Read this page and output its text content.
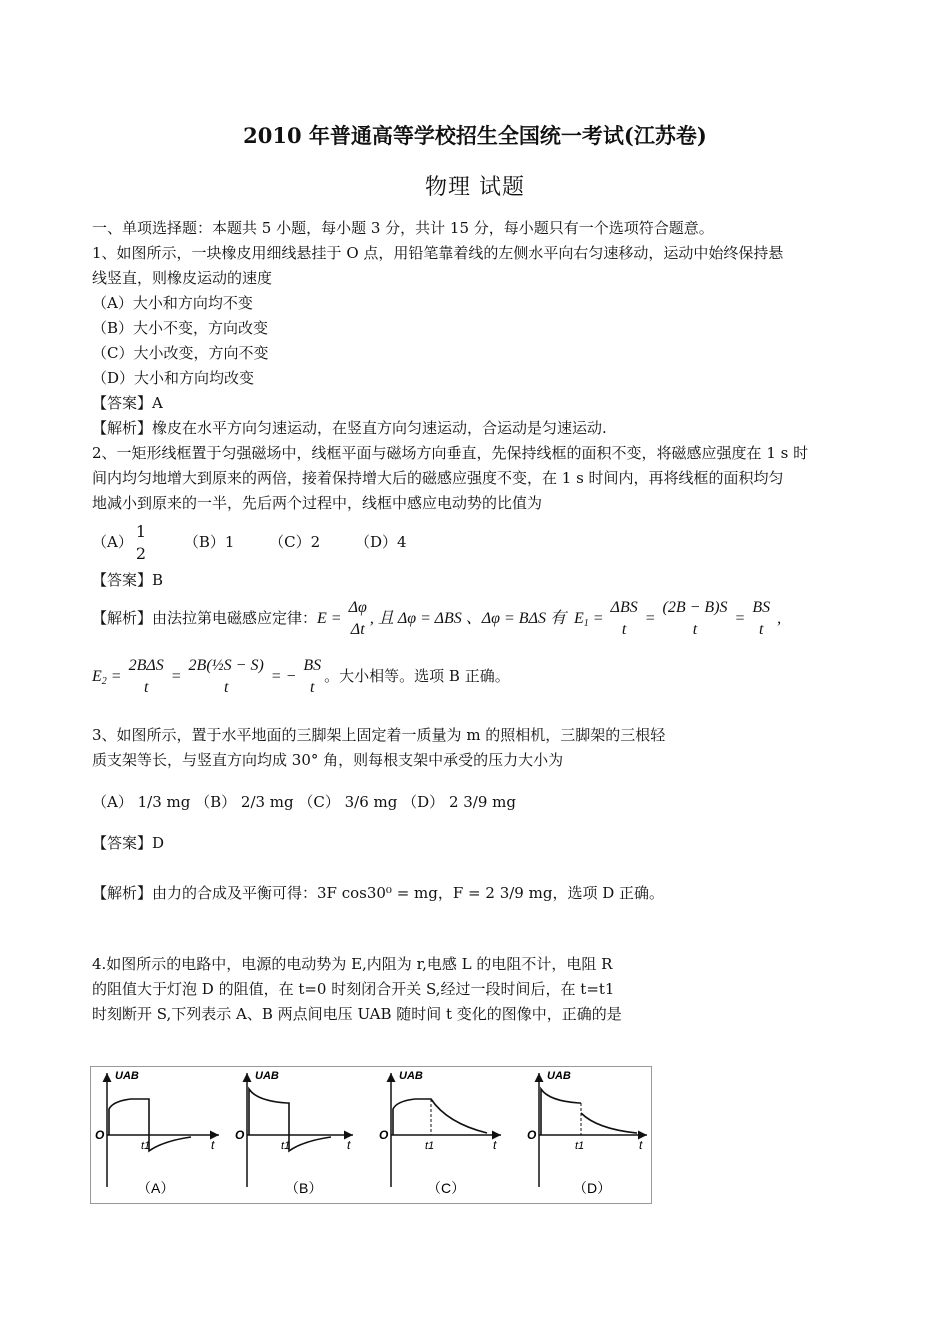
2010 年普通高等学校招生全国统一考试(江苏卷)
物理 试题
一、单项选择题：本题共 5 小题，每小题 3 分，共计 15 分，每小题只有一个选项符合题意。
1、如图所示，一块橡皮用细线悬挂于 O 点，用铅笔靠着线的左侧水平向右匀速移动，运动中始终保持悬
线竖直，则橡皮运动的速度
（A）大小和方向均不变
（B）大小不变，方向改变
（C）大小改变，方向不变
（D）大小和方向均改变
【答案】A
【解析】橡皮在水平方向匀速运动，在竖直方向匀速运动，合运动是匀速运动.
2、一矩形线框置于匀强磁场中，线框平面与磁场方向垂直，先保持线框的面积不变，将磁感应强度在 1 s 时
间内均匀地增大到原来的两倍，接着保持增大后的磁感应强度不变，在 1 s 时间内，再将线框的面积均匀
地减小到原来的一半，先后两个过程中，线框中感应电动势的比值为
（A）
1
2
（B）1 （C）2 （D）4
【答案】B
【解析】由法拉第电磁感应定律：E =
Δφ
Δt
, 且 Δφ = ΔBS 、Δφ = BΔS 有  $E_1$ =
ΔBS
t
=
(2B − B)S
t
=
BS
t
,
$E_2$ =
2BΔS
t
=
2B(½S − S)
t
= −
BS
t
。大小相等。选项 B 正确。
3、如图所示，置于水平地面的三脚架上固定着一质量为 m 的照相机，三脚架的三根轻
质支架等长，与竖直方向均成 30° 角，则每根支架中承受的压力大小为
（A） 1/3 mg （B） 2/3 mg （C） 3/6 mg （D） 2 3/9 mg
【答案】D
【解析】由力的合成及平衡可得：3F cos30⁰ = mg，F = 2 3/9 mg，选项 D 正确。
4.如图所示的电路中，电源的电动势为 E,内阻为 r,电感 L 的电阻不计，电阻 R
的阻值大于灯泡 D 的阻值，在 t=0 时刻闭合开关 S,经过一段时间后，在 t=t1
时刻断开 S,下列表示 A、B 两点间电压 UAB 随时间 t 变化的图像中，正确的是
UAB
O
t1	t
（A）
UAB
O
t1	t
（B）
UAB
O
t1	t
（C）
UAB
O
t1	t
（D）
